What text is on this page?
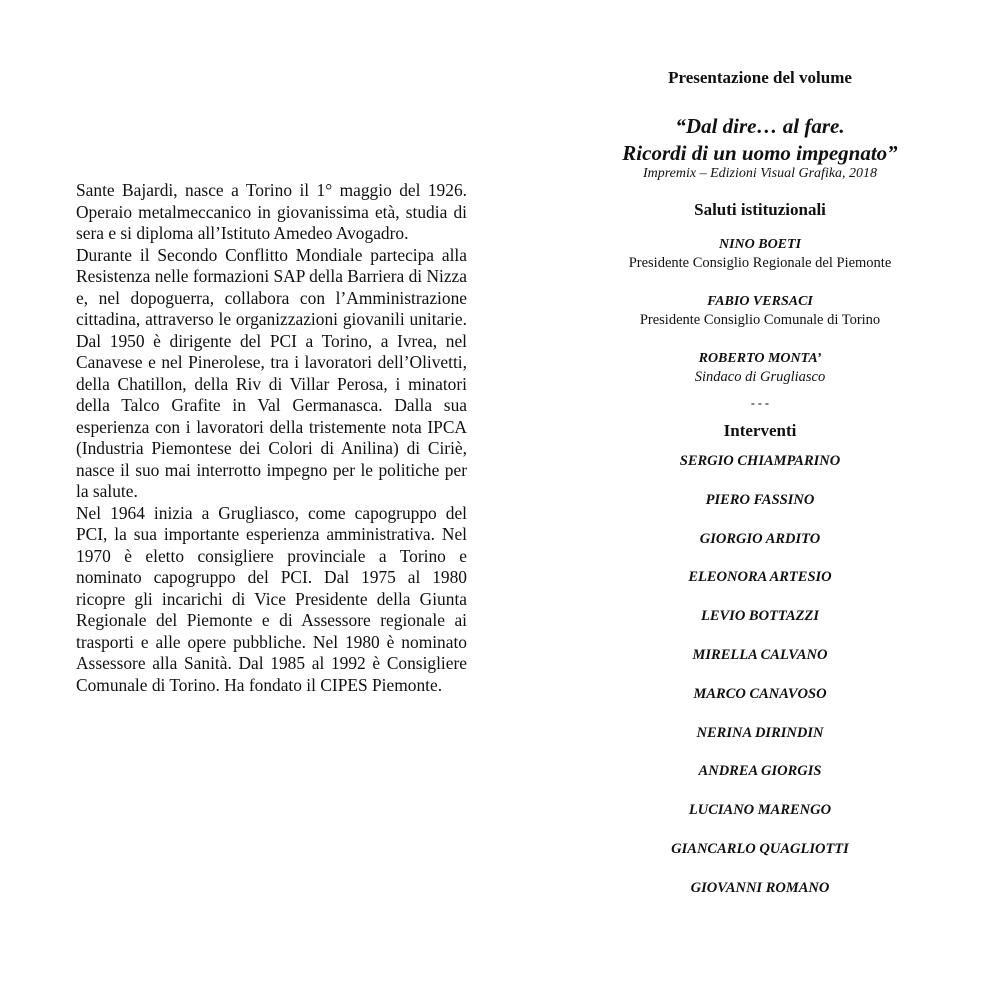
Sante Bajardi, nasce a Torino il 1° maggio del 1926. Operaio metalmeccanico in giovanissima età, studia di sera e si diploma all’Istituto Amedeo Avogadro.

Durante il Secondo Conflitto Mondiale partecipa alla Resistenza nelle formazioni SAP della Barriera di Nizza e, nel dopoguerra, collabora con l’Amministrazione cittadina, attraverso le organizzazioni giovanili unitarie. Dal 1950 è dirigente del PCI a Torino, a Ivrea, nel Canavese e nel Pinerolese, tra i lavoratori dell’Olivetti, della Chatillon, della Riv di Villar Perosa, i minatori della Talco Grafite in Val Germanasca. Dalla sua esperienza con i lavoratori della tristemente nota IPCA (Industria Piemontese dei Colori di Anilina) di Ciriè, nasce il suo mai interrotto impegno per le politiche per la salute.

Nel 1964 inizia a Grugliasco, come capogruppo del PCI, la sua importante esperienza amministrativa. Nel 1970 è eletto consigliere provinciale a Torino e nominato capogruppo del PCI. Dal 1975 al 1980 ricopre gli incarichi di Vice Presidente della Giunta Regionale del Piemonte e di Assessore regionale ai trasporti e alle opere pubbliche. Nel 1980 è nominato Assessore alla Sanità. Dal 1985 al 1992 è Consigliere Comunale di Torino. Ha fondato il CIPES Piemonte.

Presentazione del volume
“Dal dire… al fare.
Ricordi di un uomo impegnato”
Impremix – Edizioni Visual Grafika, 2018
Saluti istituzionali
NINO BOETI
Presidente Consiglio Regionale del Piemonte
FABIO VERSACI
Presidente Consiglio Comunale di Torino
ROBERTO MONTA’
Sindaco di Grugliasco
- - -
Interventi
SERGIO CHIAMPARINO
PIERO FASSINO
GIORGIO ARDITO
ELEONORA ARTESIO
LEVIO BOTTAZZI
MIRELLA CALVANO
MARCO CANAVOSO
NERINA DIRINDIN
ANDREA GIORGIS
LUCIANO MARENGO
GIANCARLO QUAGLIOTTI
GIOVANNI ROMANO
